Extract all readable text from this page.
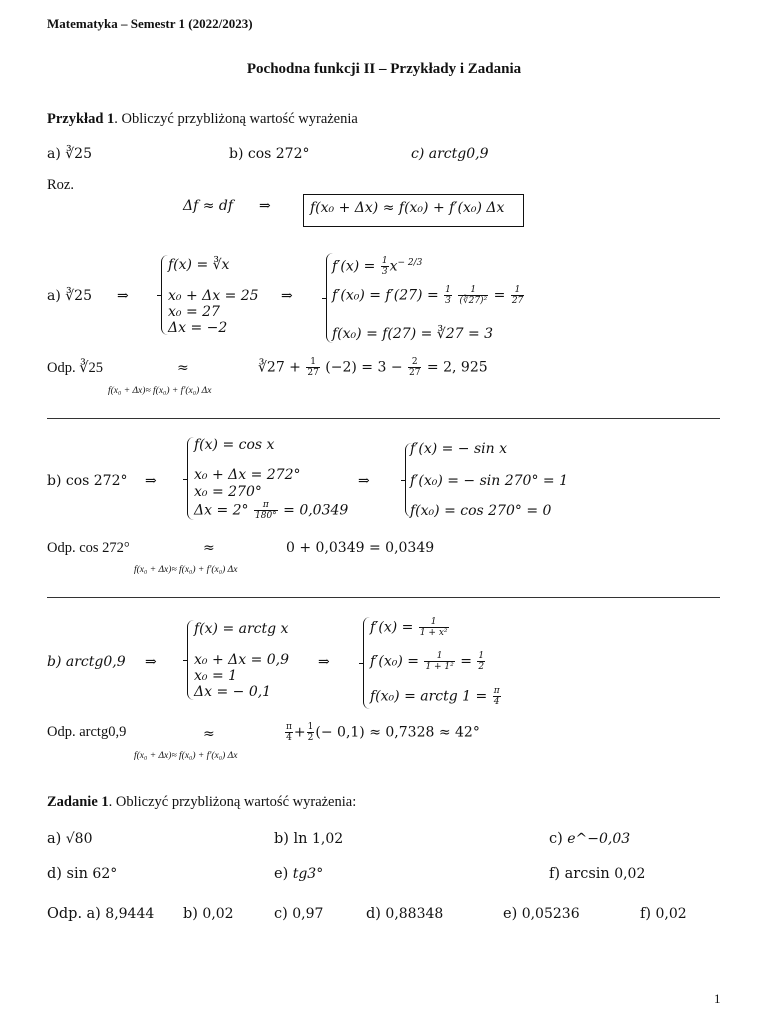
Matematyka – Semestr 1 (2022/2023)
Pochodna funkcji II – Przykłady i Zadania
Przykład 1. Obliczyć przybliżoną wartość wyrażenia
a) ∛25	b) cos 272°	c) arctg0,9
Roz.
Δf ≈ df ⇒	f(x₀ + Δx) ≈ f(x₀) + f′(x₀) Δx
a) ∛25 ⇒
f(x) = ∛x
x₀ + Δx = 25
x₀ = 27
Δx = −2
⇒
$f'(x) = \frac{1}{3} x^{- 2/3}$
$f'(x_0) = f'(27) = \frac{1}{3}$
$\frac{1}{\text{(∛27)²}} = \frac{1}{27}$
f(x₀) = f(27) = ∛27 = 3
Odp. ∛25	≈	∛27 + $\frac{1}{27} (-2) = 3 - \frac{2}{27} = 2$, 925
f(x₀ + Δx)≈ f(x₀) + f′(x₀) Δx
b) cos 272° ⇒
f(x) = cos x
x₀ + Δx = 272°
x₀ = 270°
$\Delta x = 2^\circ \frac{\pi}{180^\circ} = 0,0349$
⇒
f′(x) = − sin x
f′(x₀) = − sin 270° = 1
f(x₀) = cos 270° = 0
Odp. cos 272°	≈	0 + 0,0349 = 0,0349
f(x₀ + Δx)≈ f(x₀) + f′(x₀) Δx
b) arctg0,9 ⇒
f(x) = arctg x
x₀ + Δx = 0,9
x₀ = 1
Δx = − 0,1
⇒
$f'(x) = \frac{1}{\text{1 + x²}}$
$f'(x_0) = \frac{1}{\text{1 + 1²}} = \frac{1}{2}$
f(x₀) = arctg $1 = \frac{\pi}{4}$
Odp. arctg0,9	≈	$\frac{\pi}{4} + \frac{1}{2}$ (− 0,1) ≈ 0,7328 ≈ 42°
f(x₀ + Δx)≈ f(x₀) + f′(x₀) Δx
Zadanie 1. Obliczyć przybliżoną wartość wyrażenia:
a) √80	b) ln 1,02	c) e^−0,03
d) sin 62°	e) tg3°	f) arcsin 0,02
Odp. a) 8,9444 b) 0,02	c) 0,97	d) 0,88348	e) 0,05236	f) 0,02
1
